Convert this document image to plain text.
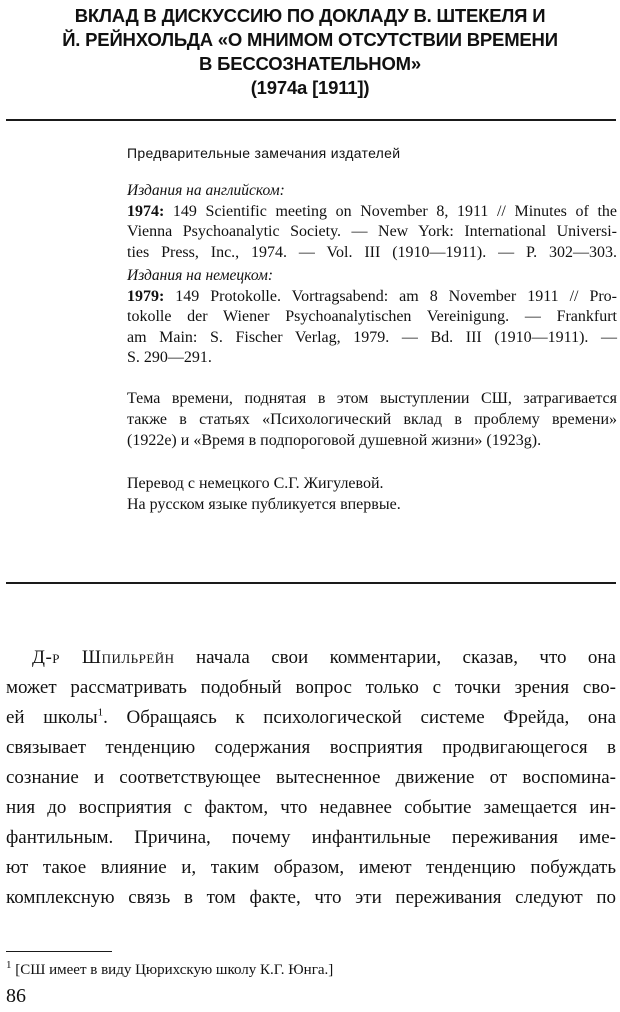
ВКЛАД В ДИСКУССИЮ ПО ДОКЛАДУ В. ШТЕКЕЛЯ И
Й. РЕЙНХОЛЬДА «О МНИМОМ ОТСУТСТВИИ ВРЕМЕНИ
В БЕССОЗНАТЕЛЬНОМ»
(1974а [1911])
Предварительные замечания издателей
Издания на английском:
1974: 149 Scientific meeting on November 8, 1911 // Minutes of the
Vienna Psychoanalytic Society. — New York: International Universi-
ties Press, Inc., 1974. — Vol. III (1910—1911). — P. 302—303.
Издания на немецком:
1979: 149 Protokolle. Vortragsabend: am 8 November 1911 // Pro-
tokolle der Wiener Psychoanalytischen Vereinigung. — Frankfurt
am Main: S. Fischer Verlag, 1979. — Bd. III (1910—1911). —
S. 290—291.
Тема времени, поднятая в этом выступлении СШ, затрагивается
также в статьях «Психологический вклад в проблему времени»
(1922е) и «Время в подпороговой душевной жизни» (1923g).
Перевод с немецкого С.Г. Жигулевой.
На русском языке публикуется впервые.
Д-р Шпильрейн начала свои комментарии, сказав, что она
может рассматривать подобный вопрос только с точки зрения сво-
ей школы$^1$. Обращаясь к психологической системе Фрейда, она
связывает тенденцию содержания восприятия продвигающегося в
сознание и соответствующее вытесненное движение от воспомина-
ния до восприятия с фактом, что недавнее событие замещается ин-
фантильным. Причина, почему инфантильные переживания име-
ют такое влияние и, таким образом, имеют тенденцию побуждать
комплексную связь в том факте, что эти переживания следуют по
$^1$ [СШ имеет в виду Цюрихскую школу К.Г. Юнга.]
86
